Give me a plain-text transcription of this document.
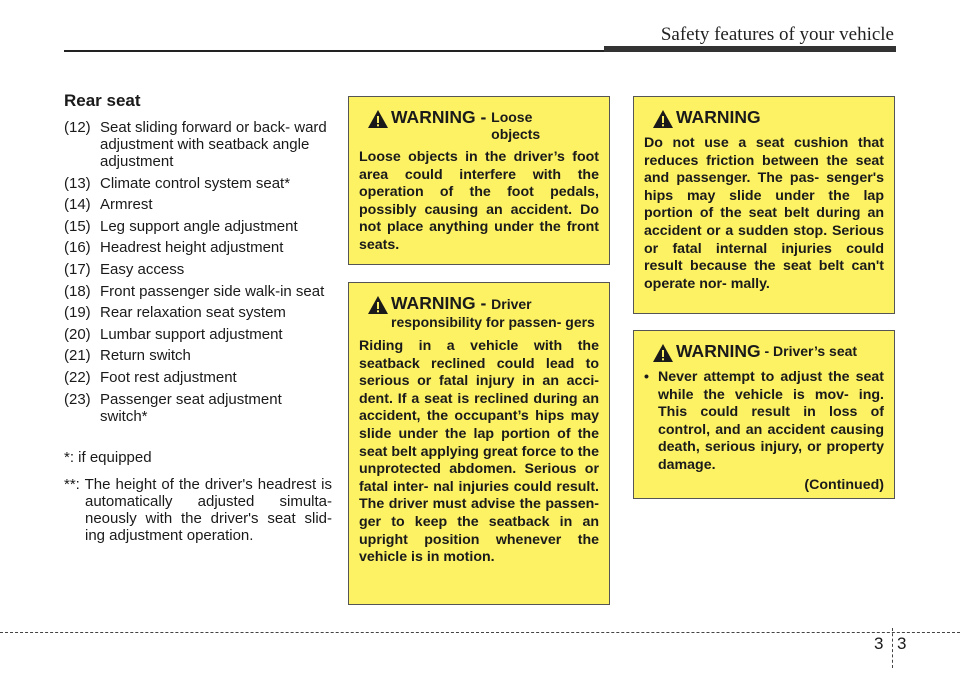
Safety features of your vehicle
Rear seat
(12) Seat sliding forward or back- ward adjustment with seatback angle adjustment
(13) Climate control system seat*
(14) Armrest
(15) Leg support angle adjustment
(16) Headrest height adjustment
(17) Easy access
(18) Front passenger side walk-in seat
(19) Rear relaxation seat system
(20) Lumbar support adjustment
(21) Return switch
(22) Foot rest adjustment
(23) Passenger seat adjustment switch*
*: if equipped
**: The height of the driver's headrest is automatically adjusted simulta- neously with the driver's seat slid- ing adjustment operation.
WARNING - Loose objects
Loose objects in the driver’s foot area could interfere with the operation of the foot pedals, possibly causing an accident. Do not place anything under the front seats.
WARNING - Driver responsibility for passen- gers
Riding in a vehicle with the seatback reclined could lead to serious or fatal injury in an acci- dent. If a seat is reclined during an accident, the occupant’s hips may slide under the lap portion of the seat belt applying great force to the unprotected abdomen. Serious or fatal inter- nal injuries could result. The driver must advise the passen- ger to keep the seatback in an upright position whenever the vehicle is in motion.
WARNING
Do not use a seat cushion that reduces friction between the seat and passenger. The pas- senger's hips may slide under the lap portion of the seat belt during an accident or a sudden stop. Serious or fatal internal injuries could result because the seat belt can't operate nor- mally.
WARNING - Driver’s seat
• Never attempt to adjust the seat while the vehicle is mov- ing. This could result in loss of control, and an accident causing death, serious injury, or property damage.
(Continued)
3 3
